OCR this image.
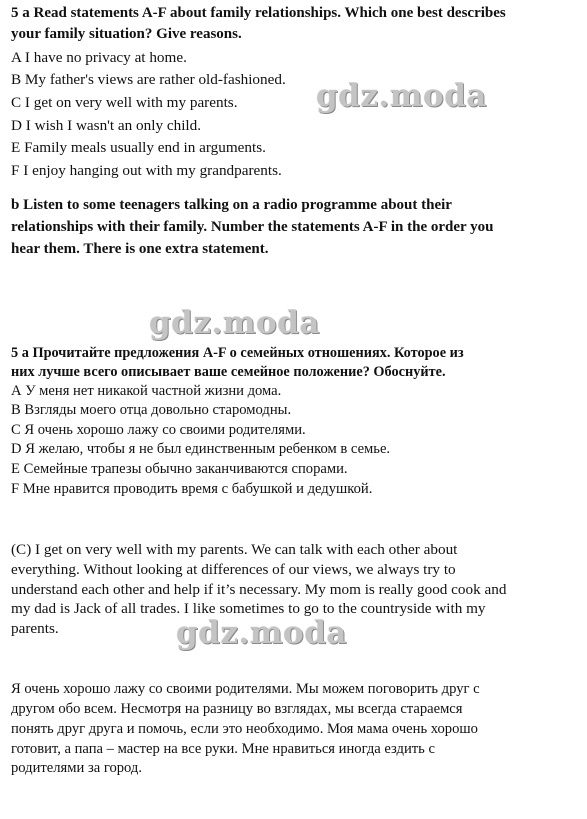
5 a Read statements A-F about family relationships. Which one best describes
your family situation? Give reasons.
A I have no privacy at home.
B My father's views are rather old-fashioned.
C I get on very well with my parents.
D I wish I wasn't an only child.
E Family meals usually end in arguments.
F I enjoy hanging out with my grandparents.
b Listen to some teenagers talking on a radio programme about their
relationships with their family. Number the statements A-F in the order you
hear them. There is one extra statement.
5 а Прочитайте предложения A-F о семейных отношениях. Которое из
них лучше всего описывает ваше семейное положение? Обоснуйте.
А У меня нет никакой частной жизни дома.
В Взгляды моего отца довольно старомодны.
С Я очень хорошо лажу со своими родителями.
D Я желаю, чтобы я не был единственным ребенком в семье.
E Семейные трапезы обычно заканчиваются спорами.
F Мне нравится проводить время с бабушкой и дедушкой.
(C) I get on very well with my parents. We can talk with each other about
everything. Without looking at differences of our views, we always try to
understand each other and help if it’s necessary. My mom is really good cook and
my dad is Jack of all trades. I like sometimes to go to the countryside with my
parents.
Я очень хорошо лажу со своими родителями. Мы можем поговорить друг с
другом обо всем. Несмотря на разницу во взглядах, мы всегда стараемся
понять друг друга и помочь, если это необходимо. Моя мама очень хорошо
готовит, а папа – мастер на все руки. Мне нравиться иногда ездить с
родителями за город.
gdz.moda
gdz.moda
gdz.moda
